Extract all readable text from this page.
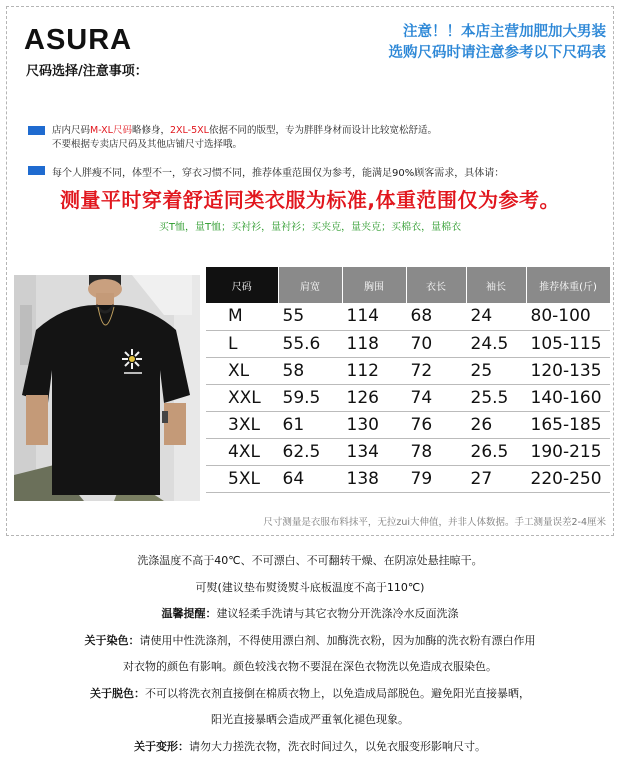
ASURA
尺码选择/注意事项：
注意！！本店主营加肥加大男装
选购尺码时请注意参考以下尺码表
店内尺码M-XL尺码略修身，2XL-5XL依据不同的版型，专为胖胖身材而设计比较宽松舒适。
不要根据专卖店尺码及其他店铺尺寸选择哦。
每个人胖瘦不同，体型不一，穿衣习惯不同，推荐体重范围仅为参考，能满足90%顾客需求，具体请：
测量平时穿着舒适同类衣服为标准,体重范围仅为参考。
买T恤，量T恤；买衬衫，量衬衫；买夹克，量夹克；买棉衣，量棉衣
尺码	肩宽	胸围	衣长	袖长	推荐体重(斤)
M	55	114	68	24	80-100
L	55.6	118	70	24.5	105-115
XL	58	112	72	25	120-135
XXL	59.5	126	74	25.5	140-160
3XL	61	130	76	26	165-185
4XL	62.5	134	78	26.5	190-215
5XL	64	138	79	27	220-250
尺寸测量是衣服布料抹平，无拉zui大伸值，并非人体数据。手工测量误差2-4厘米
洗涤温度不高于40℃、不可漂白、不可翻转干燥、在阴凉处悬挂晾干。
可熨(建议垫布熨烫熨斗底板温度不高于110℃)
温馨提醒：建议轻柔手洗请与其它衣物分开洗涤冷水反面洗涤
关于染色：请使用中性洗涤剂，不得使用漂白剂、加酶洗衣粉，因为加酶的洗衣粉有漂白作用
对衣物的颜色有影响。颜色较浅衣物不要混在深色衣物洗以免造成衣服染色。
关于脱色：不可以将洗衣剂直接倒在棉质衣物上，以免造成局部脱色。避免阳光直接暴晒，
阳光直接暴晒会造成严重氧化褪色现象。
关于变形：请勿大力搓洗衣物，洗衣时间过久，以免衣服变形影响尺寸。
